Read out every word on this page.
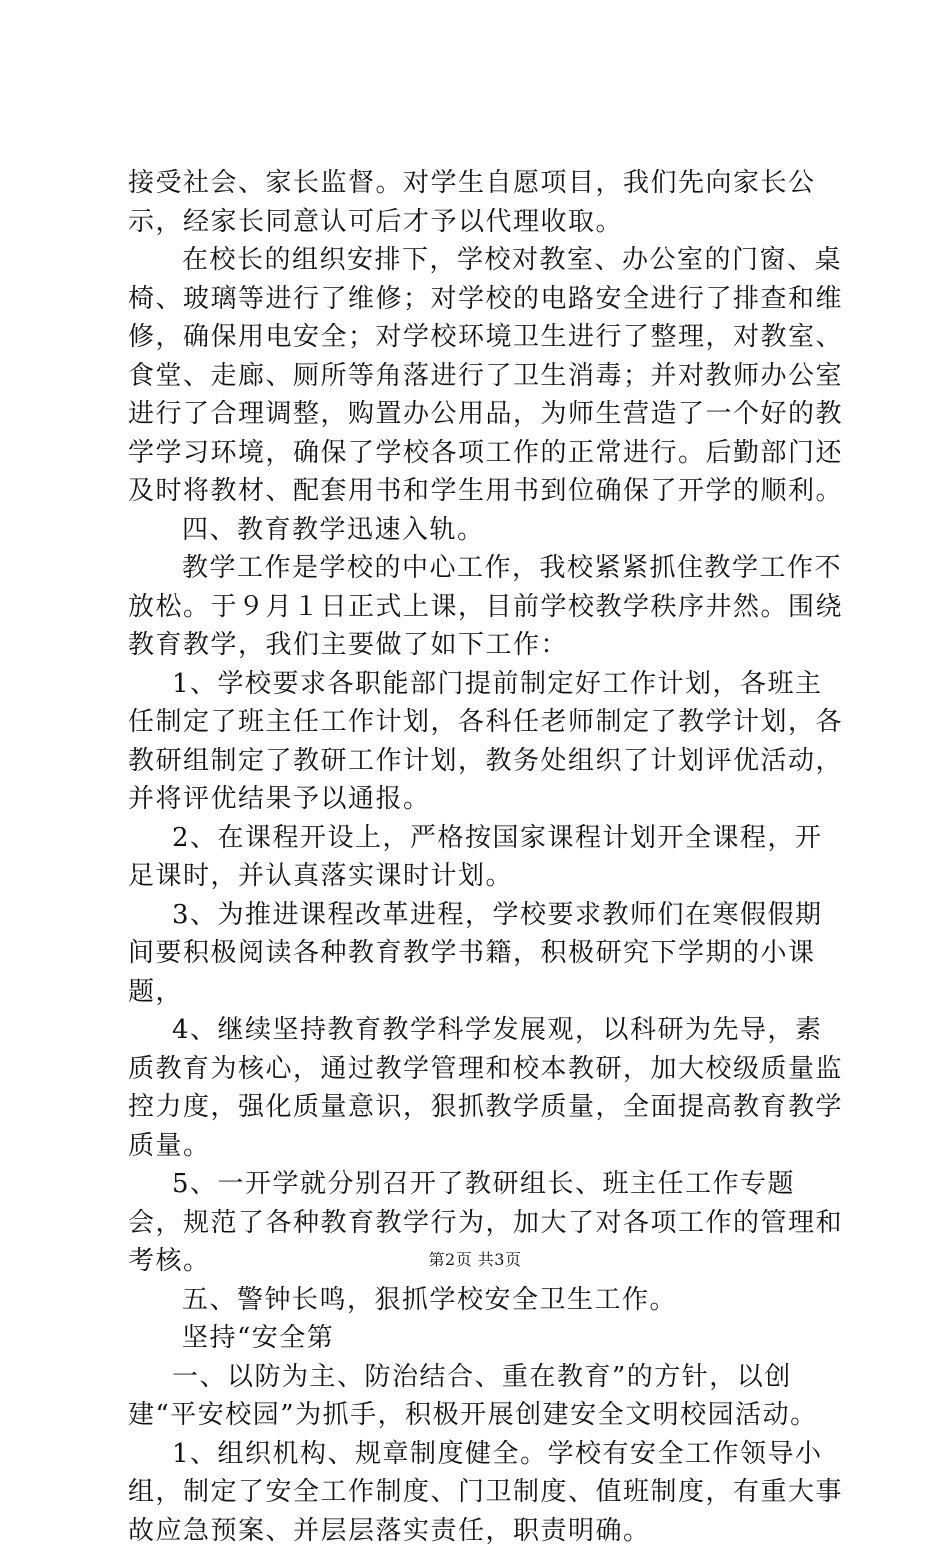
接受社会、家长监督。对学生自愿项目，我们先向家长公示，经家长同意认可后才予以代理收取。

在校长的组织安排下，学校对教室、办公室的门窗、桌椅、玻璃等进行了维修；对学校的电路安全进行了排查和维修，确保用电安全；对学校环境卫生进行了整理，对教室、食堂、走廊、厕所等角落进行了卫生消毒；并对教师办公室进行了合理调整，购置办公用品，为师生营造了一个好的教学学习环境，确保了学校各项工作的正常进行。后勤部门还及时将教材、配套用书和学生用书到位确保了开学的顺利。

四、教育教学迅速入轨。

教学工作是学校的中心工作，我校紧紧抓住教学工作不放松。于９月１日正式上课，目前学校教学秩序井然。围绕教育教学，我们主要做了如下工作：

1、学校要求各职能部门提前制定好工作计划，各班主任制定了班主任工作计划，各科任老师制定了教学计划，各教研组制定了教研工作计划，教务处组织了计划评优活动，并将评优结果予以通报。

2、在课程开设上，严格按国家课程计划开全课程，开足课时，并认真落实课时计划。

3、为推进课程改革进程，学校要求教师们在寒假假期间要积极阅读各种教育教学书籍，积极研究下学期的小课题，

4、继续坚持教育教学科学发展观，以科研为先导，素质教育为核心，通过教学管理和校本教研，加大校级质量监控力度，强化质量意识，狠抓教学质量，全面提高教育教学质量。

5、一开学就分别召开了教研组长、班主任工作专题会，规范了各种教育教学行为，加大了对各项工作的管理和考核。

五、警钟长鸣，狠抓学校安全卫生工作。

坚持“安全第

一、以防为主、防治结合、重在教育”的方针，以创建“平安校园”为抓手，积极开展创建安全文明校园活动。

1、组织机构、规章制度健全。学校有安全工作领导小组，制定了安全工作制度、门卫制度、值班制度，有重大事故应急预案、并层层落实责任，职责明确。

第2页 共3页
